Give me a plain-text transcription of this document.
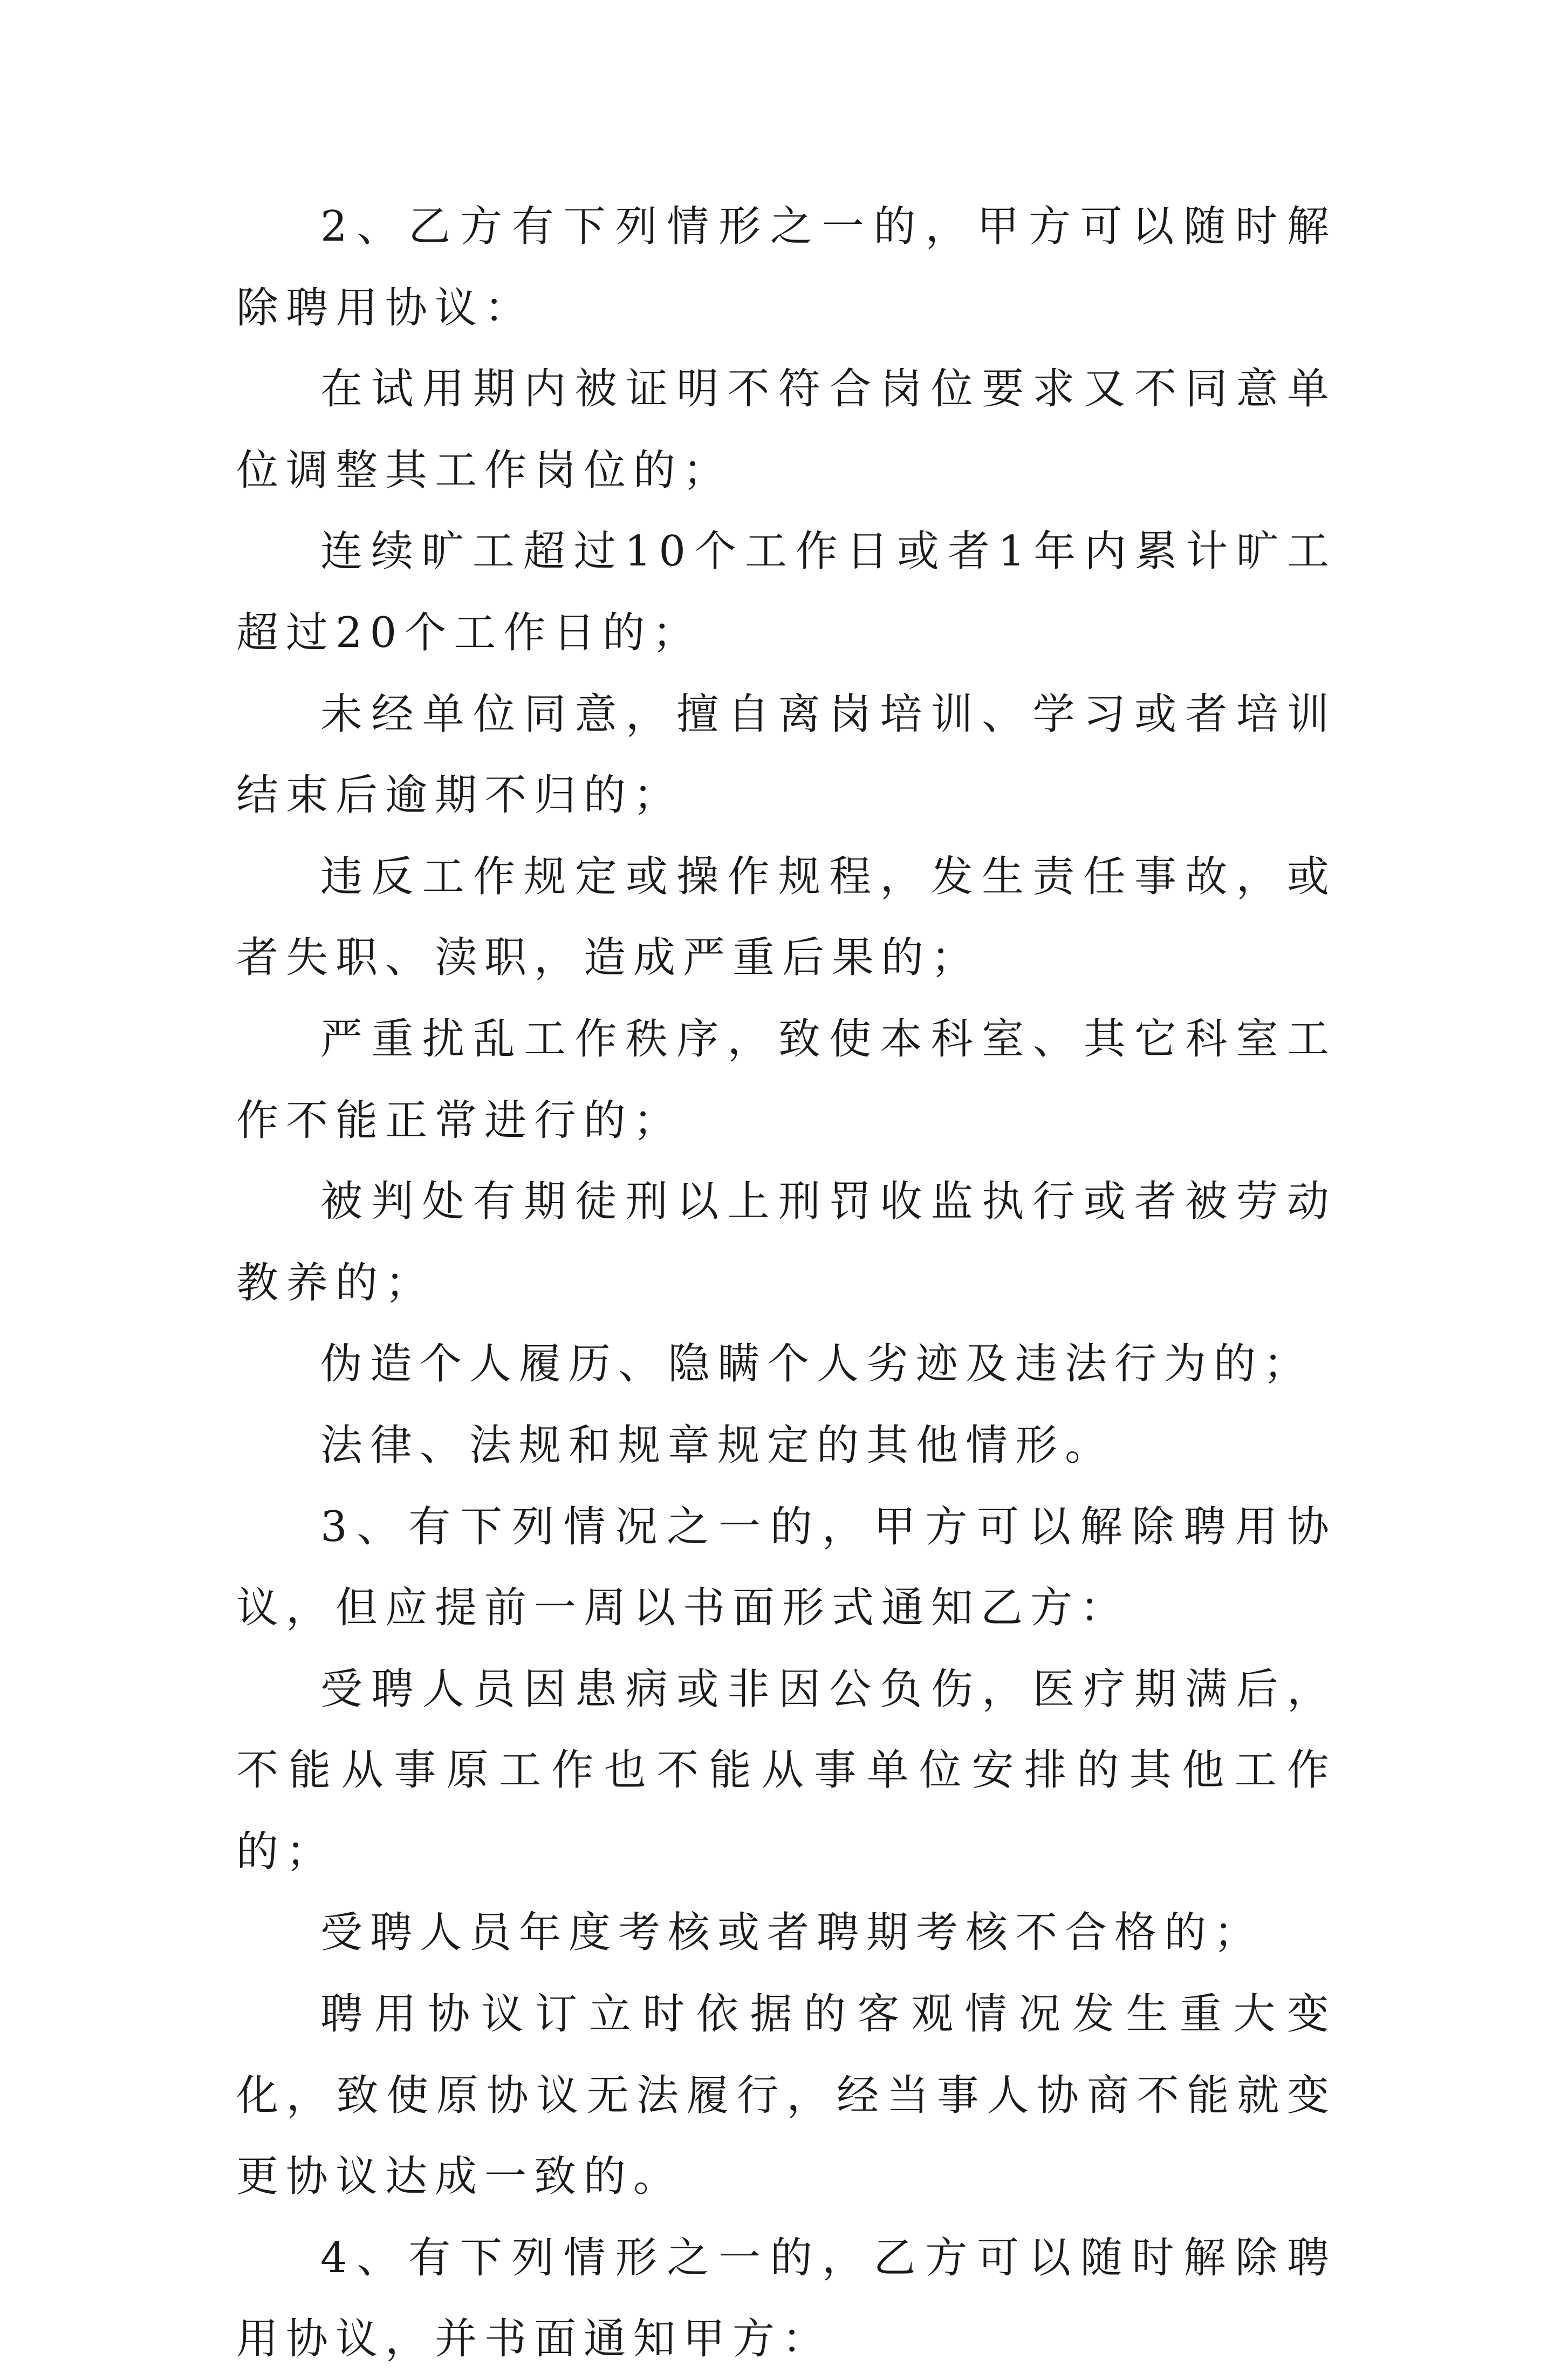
2、乙方有下列情形之一的，甲方可以随时解除聘用协议：

在试用期内被证明不符合岗位要求又不同意单位调整其工作岗位的；

连续旷工超过10个工作日或者1年内累计旷工超过20个工作日的；

未经单位同意，擅自离岗培训、学习或者培训结束后逾期不归的；

违反工作规定或操作规程，发生责任事故，或者失职、渎职，造成严重后果的；

严重扰乱工作秩序，致使本科室、其它科室工作不能正常进行的；

被判处有期徒刑以上刑罚收监执行或者被劳动教养的；

伪造个人履历、隐瞒个人劣迹及违法行为的；

法律、法规和规章规定的其他情形。

3、有下列情况之一的，甲方可以解除聘用协议，但应提前一周以书面形式通知乙方：

受聘人员因患病或非因公负伤，医疗期满后，不能从事原工作也不能从事单位安排的其他工作的；

受聘人员年度考核或者聘期考核不合格的；

聘用协议订立时依据的客观情况发生重大变化，致使原协议无法履行，经当事人协商不能就变更协议达成一致的。

4、有下列情形之一的，乙方可以随时解除聘用协议，并书面通知甲方：
